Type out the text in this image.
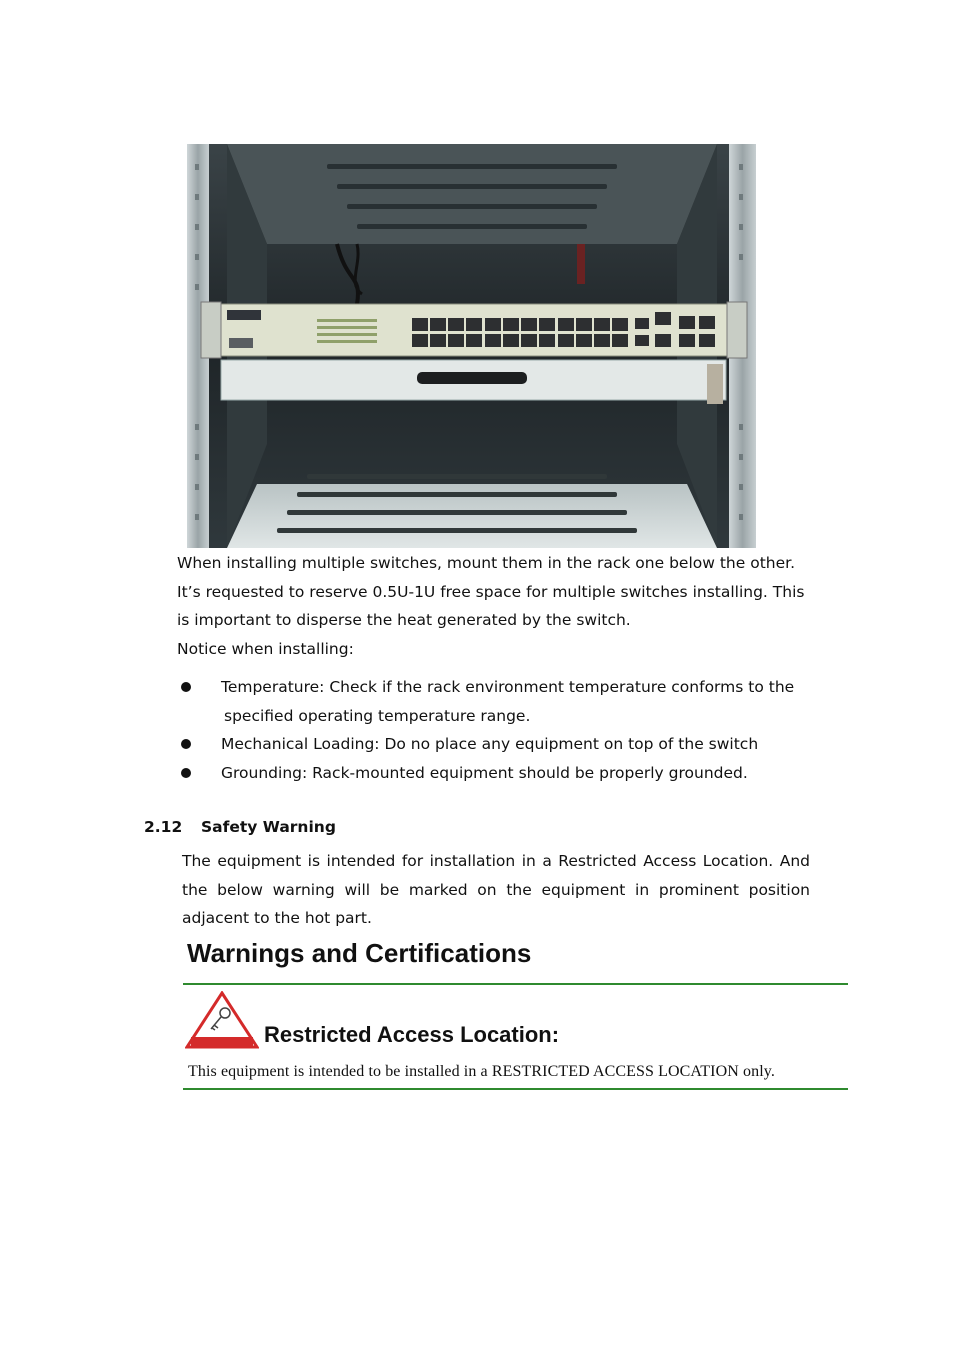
When installing multiple switches, mount them in the rack one below the other.

It’s requested to reserve 0.5U-1U free space for multiple switches installing. This

is important to disperse the heat generated by the switch.

Notice when installing:

Temperature: Check if the rack environment temperature conforms to the
specified operating temperature range.
Mechanical Loading: Do no place any equipment on top of the switch
Grounding: Rack-mounted equipment should be properly grounded.
2.12 Safety Warning
The equipment is intended for installation in a Restricted Access Location. And the below warning will be marked on the equipment in prominent position adjacent to the hot part.
Warnings and Certifications
Restricted Access Location:
This equipment is intended to be installed in a RESTRICTED ACCESS LOCATION only.
